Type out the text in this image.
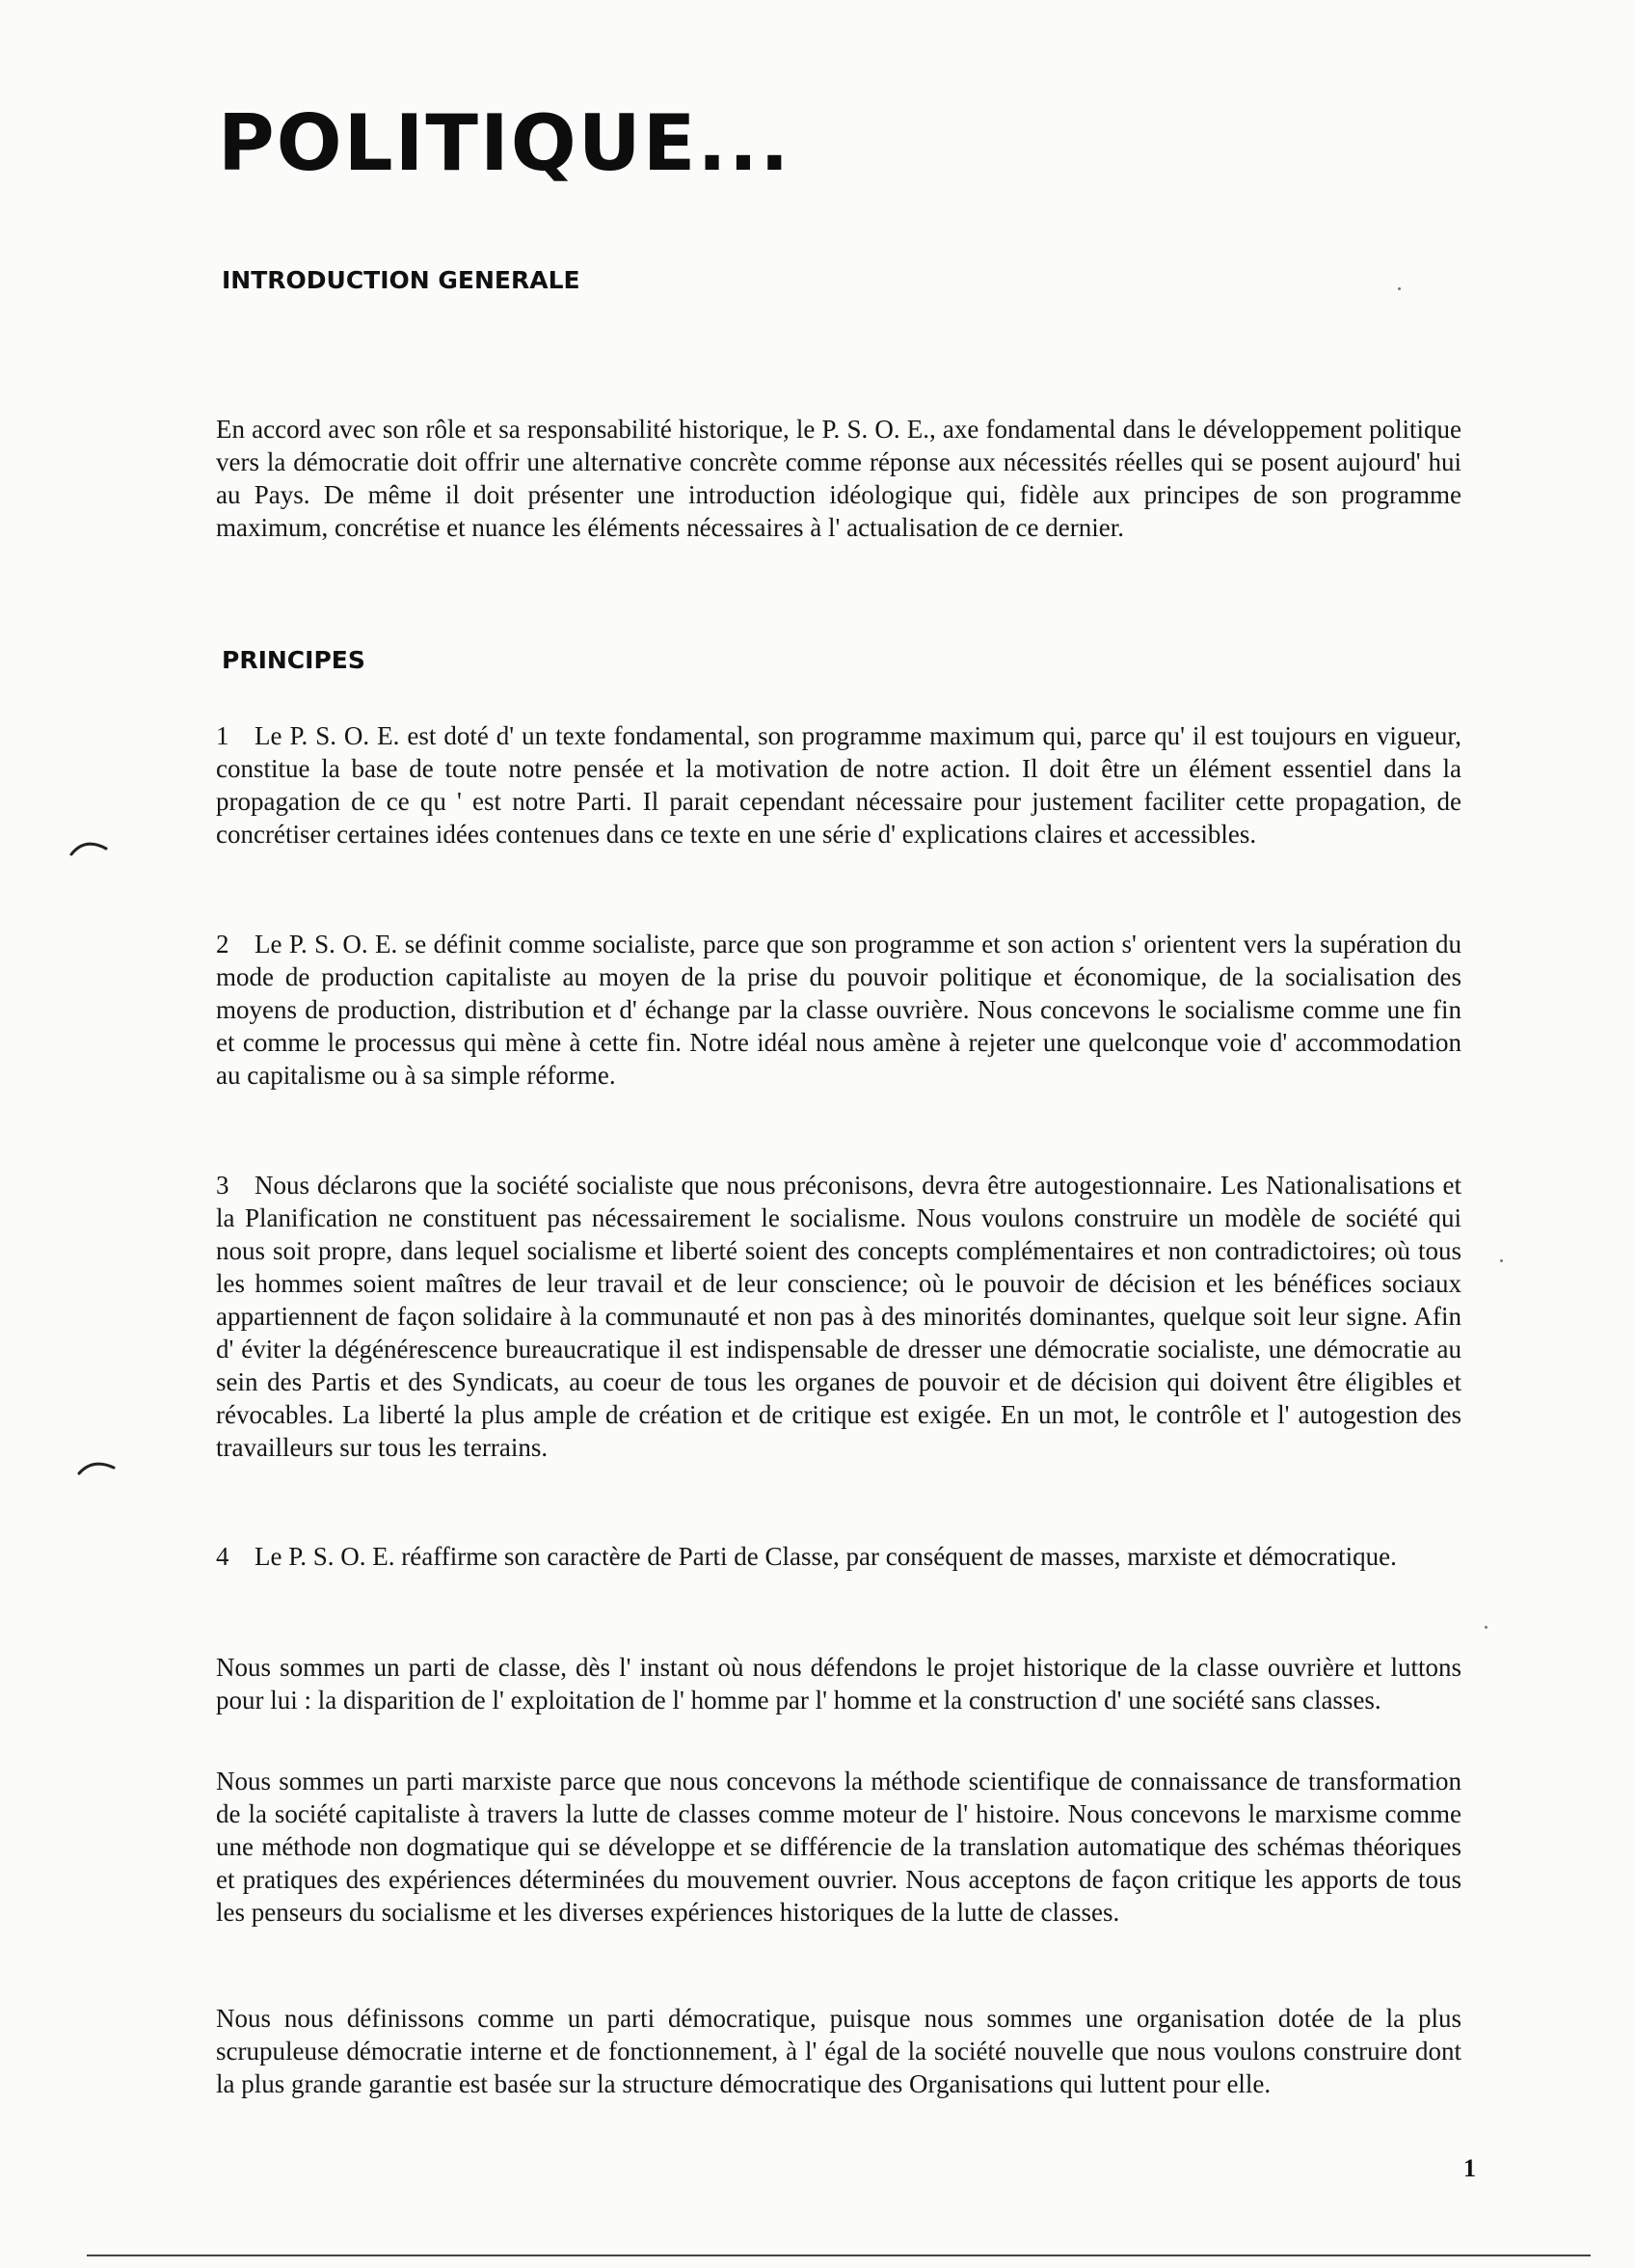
POLITIQUE...
INTRODUCTION GENERALE

En accord avec son rôle et sa responsabilité historique, le P. S. O. E., axe fondamental dans le développement politique vers la démocratie doit offrir une alternative concrète comme réponse aux nécessités réelles qui se posent aujourd' hui au Pays. De même il doit présenter une introduction idéologique qui, fidèle aux principes de son programme maximum, concrétise et nuance les éléments nécessaires à l' actualisation de ce dernier.

PRINCIPES

1 Le P. S. O. E. est doté d' un texte fondamental, son programme maximum qui, parce qu' il est toujours en vigueur, constitue la base de toute notre pensée et la motivation de notre action. Il doit être un élément essentiel dans la propagation de ce qu ' est notre Parti. Il parait cependant nécessaire pour justement faciliter cette propagation, de concrétiser certaines idées contenues dans ce texte en une série d' explications claires et accessibles.

2 Le P. S. O. E. se définit comme socialiste, parce que son programme et son action s' orientent vers la supération du mode de production capitaliste au moyen de la prise du pouvoir politique et économique, de la socialisation des moyens de production, distribution et d' échange par la classe ouvrière. Nous concevons le socialisme comme une fin et comme le processus qui mène à cette fin. Notre idéal nous amène à rejeter une quelconque voie d' accommodation au capitalisme ou à sa simple réforme.

3 Nous déclarons que la société socialiste que nous préconisons, devra être autogestionnaire. Les Nationalisations et la Planification ne constituent pas nécessairement le socialisme. Nous voulons construire un modèle de société qui nous soit propre, dans lequel socialisme et liberté soient des concepts complémentaires et non contradictoires; où tous les hommes soient maîtres de leur travail et de leur conscience; où le pouvoir de décision et les bénéfices sociaux appartiennent de façon solidaire à la communauté et non pas à des minorités dominantes, quelque soit leur signe. Afin d' éviter la dégénérescence bureaucratique il est indispensable de dresser une démocratie socialiste, une démocratie au sein des Partis et des Syndicats, au coeur de tous les organes de pouvoir et de décision qui doivent être éligibles et révocables. La liberté la plus ample de création et de critique est exigée. En un mot, le contrôle et l' autogestion des travailleurs sur tous les terrains.

4 Le P. S. O. E. réaffirme son caractère de Parti de Classe, par conséquent de masses, marxiste et démocratique.

Nous sommes un parti de classe, dès l' instant où nous défendons le projet historique de la classe ouvrière et luttons pour lui : la disparition de l' exploitation de l' homme par l' homme et la construction d' une société sans classes.

Nous sommes un parti marxiste parce que nous concevons la méthode scientifique de connaissance de transformation de la société capitaliste à travers la lutte de classes comme moteur de l' histoire. Nous concevons le marxisme comme une méthode non dogmatique qui se développe et se différencie de la translation automatique des schémas théoriques et pratiques des expériences déterminées du mouvement ouvrier. Nous acceptons de façon critique les apports de tous les penseurs du socialisme et les diverses expériences historiques de la lutte de classes.

Nous nous définissons comme un parti démocratique, puisque nous sommes une organisation dotée de la plus scrupuleuse démocratie interne et de fonctionnement, à l' égal de la société nouvelle que nous voulons construire dont la plus grande garantie est basée sur la structure démocratique des Organisations qui luttent pour elle.

1
